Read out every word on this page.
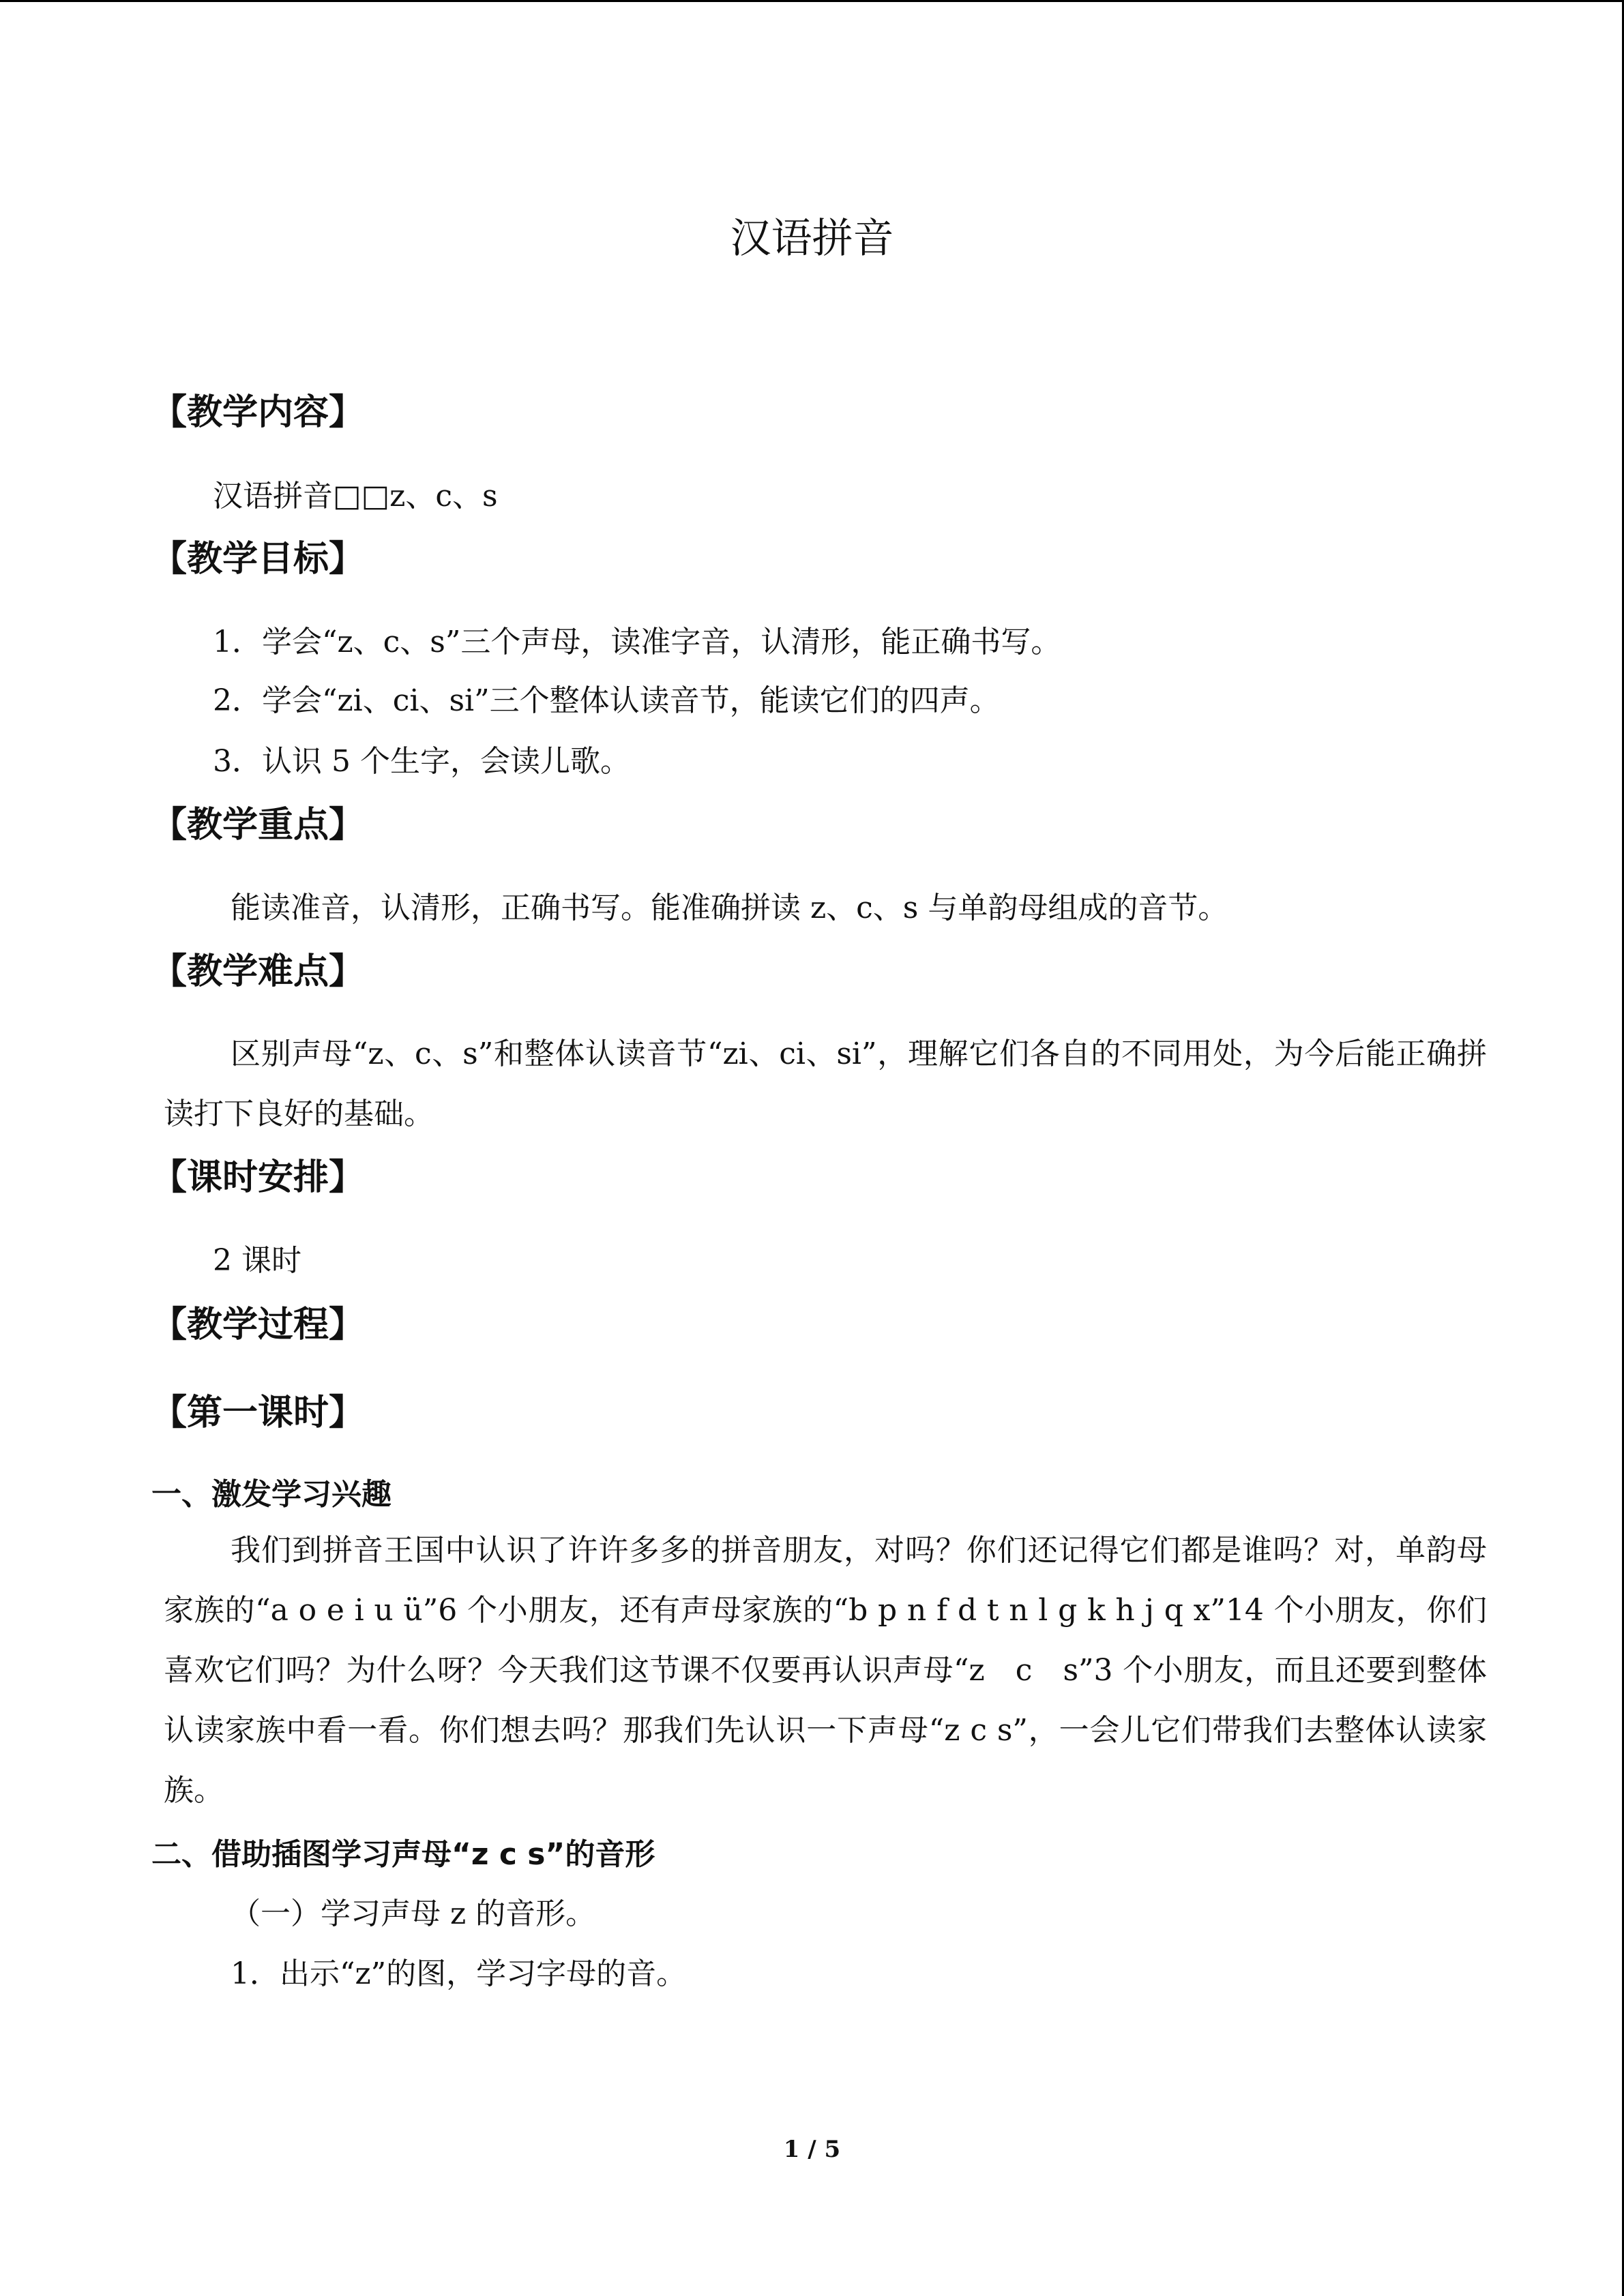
汉语拼音
【教学内容】
汉语拼音□□z、c、s
【教学目标】
1．学会“z、c、s”三个声母，读准字音，认清形，能正确书写。
2．学会“zi、ci、si”三个整体认读音节，能读它们的四声。
3．认识 5 个生字，会读儿歌。
【教学重点】
能读准音，认清形，正确书写。能准确拼读 z、c、s 与单韵母组成的音节。
【教学难点】

区别声母“z、c、s”和整体认读音节“zi、ci、si”，理解它们各自的不同用处，为今后能正确拼读打下良好的基础。

【课时安排】
2 课时
【教学过程】
【第一课时】
一、激发学习兴趣

我们到拼音王国中认识了许许多多的拼音朋友，对吗？你们还记得它们都是谁吗？对，单韵母家族的“a o e i u ü”6 个小朋友，还有声母家族的“b p n f d t n l g k h j q x”14 个小朋友，你们喜欢它们吗？为什么呀？今天我们这节课不仅要再认识声母“z　c　s”3 个小朋友，而且还要到整体认读家族中看一看。你们想去吗？那我们先认识一下声母“z c s”，一会儿它们带我们去整体认读家族。

二、借助插图学习声母“z c s”的音形
（一）学习声母 z 的音形。
1．出示“z”的图，学习字母的音。
1 / 5
